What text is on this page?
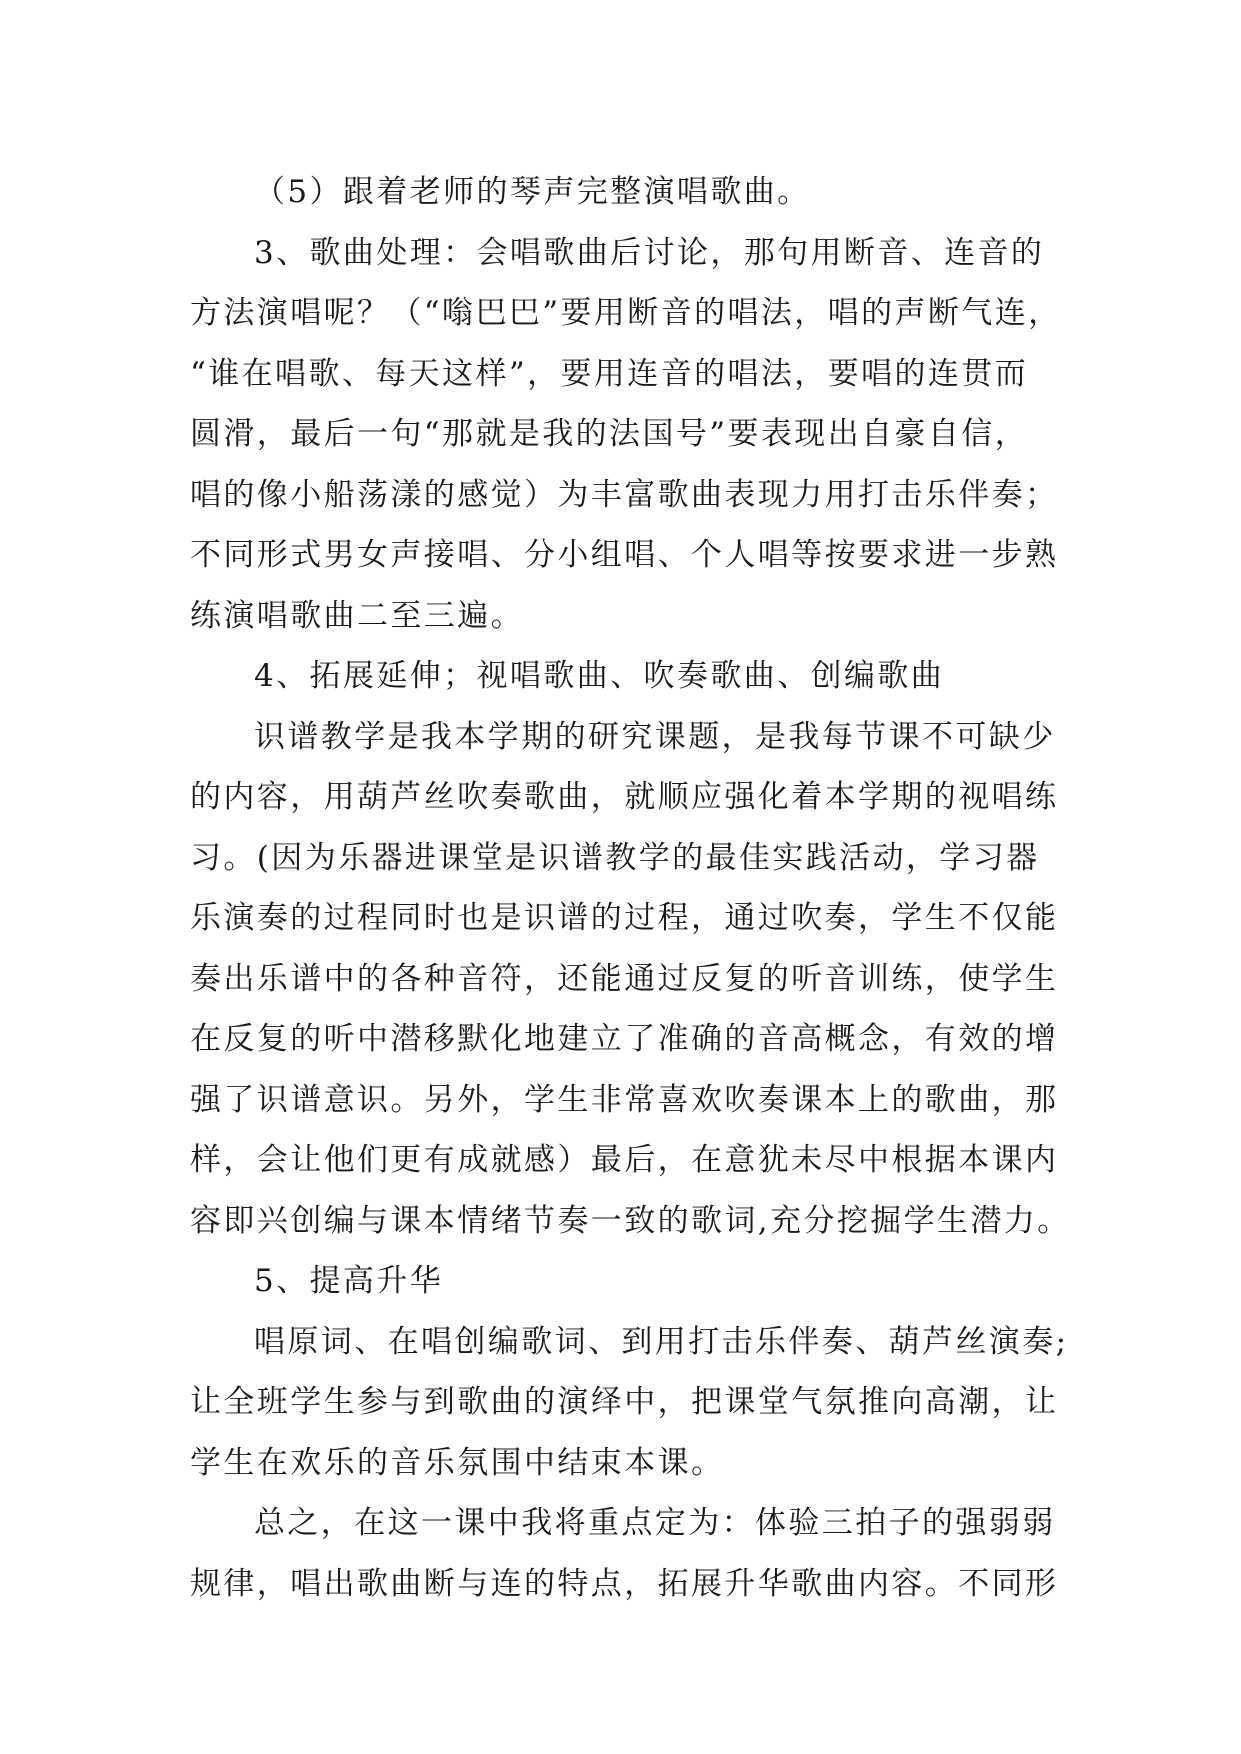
（5）跟着老师的琴声完整演唱歌曲。
3、歌曲处理：会唱歌曲后讨论，那句用断音、连音的
方法演唱呢？（“嗡巴巴”要用断音的唱法，唱的声断气连，
“谁在唱歌、每天这样”，要用连音的唱法，要唱的连贯而
圆滑，最后一句“那就是我的法国号”要表现出自豪自信，
唱的像小船荡漾的感觉）为丰富歌曲表现力用打击乐伴奏；
不同形式男女声接唱、分小组唱、个人唱等按要求进一步熟
练演唱歌曲二至三遍。
4、拓展延伸；视唱歌曲、吹奏歌曲、创编歌曲
识谱教学是我本学期的研究课题，是我每节课不可缺少
的内容，用葫芦丝吹奏歌曲，就顺应强化着本学期的视唱练
习。(因为乐器进课堂是识谱教学的最佳实践活动，学习器
乐演奏的过程同时也是识谱的过程，通过吹奏，学生不仅能
奏出乐谱中的各种音符，还能通过反复的听音训练，使学生
在反复的听中潜移默化地建立了准确的音高概念，有效的增
强了识谱意识。另外，学生非常喜欢吹奏课本上的歌曲，那
样，会让他们更有成就感）最后，在意犹未尽中根据本课内
容即兴创编与课本情绪节奏一致的歌词,充分挖掘学生潜力。
5、提高升华
唱原词、在唱创编歌词、到用打击乐伴奏、葫芦丝演奏;
让全班学生参与到歌曲的演绎中，把课堂气氛推向高潮，让
学生在欢乐的音乐氛围中结束本课。
总之，在这一课中我将重点定为：体验三拍子的强弱弱
规律，唱出歌曲断与连的特点，拓展升华歌曲内容。不同形
